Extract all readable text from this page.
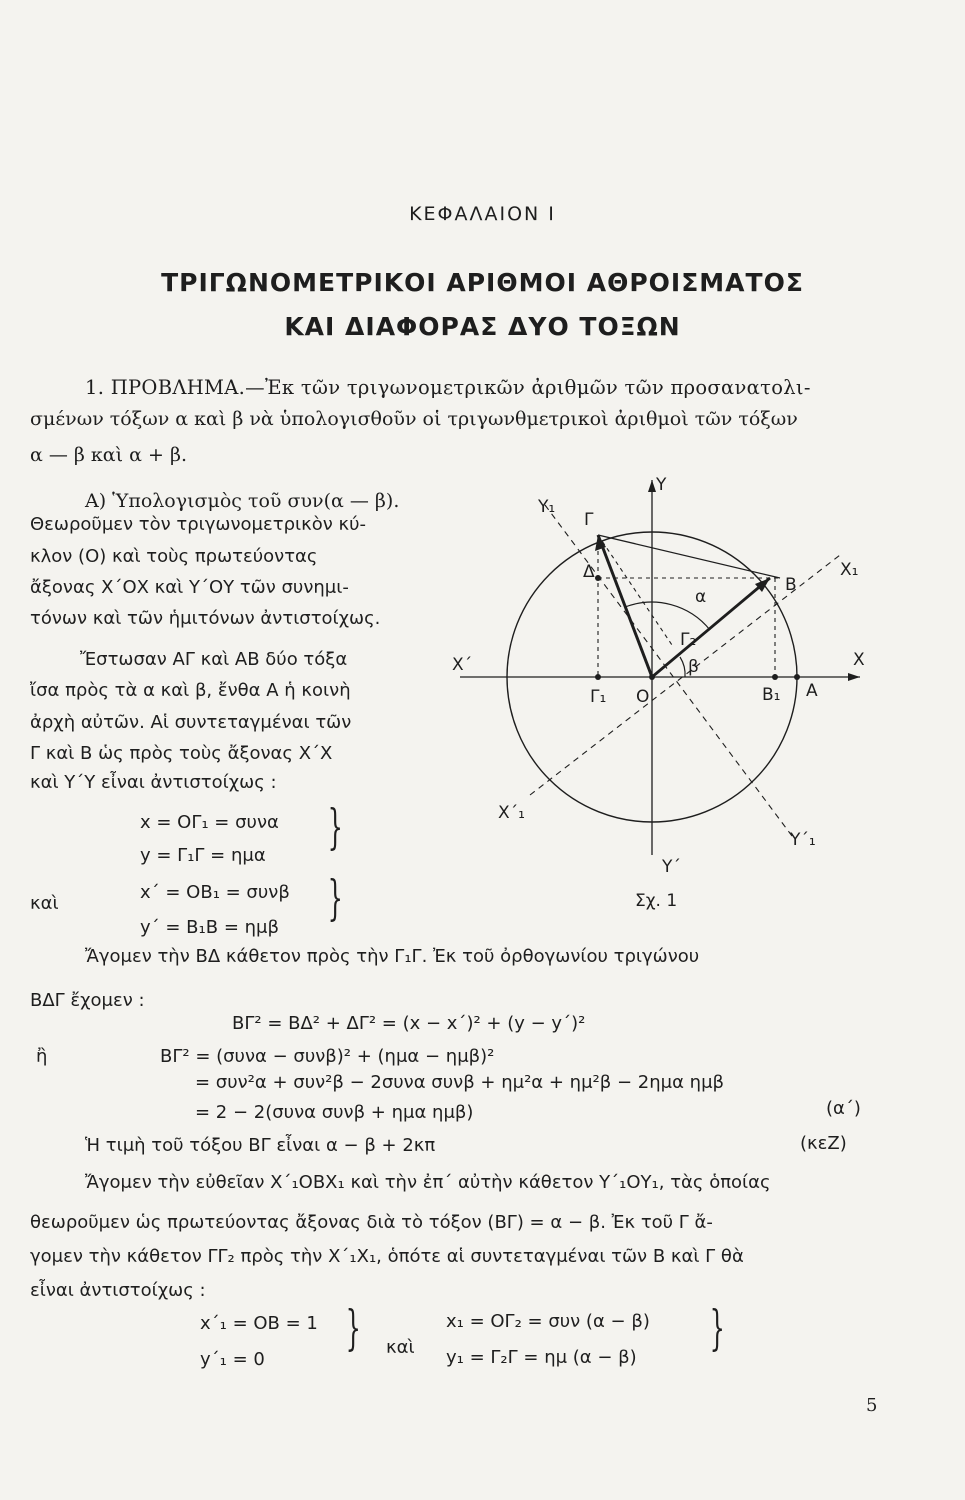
ΚΕΦΑΛΑΙΟΝ Ι
ΤΡΙΓΩΝΟΜΕΤΡΙΚΟΙ ΑΡΙΘΜΟΙ ΑΘΡΟΙΣΜΑΤΟΣ
ΚΑΙ ΔΙΑΦΟΡΑΣ ΔΥΟ ΤΟΞΩΝ
1. ΠΡΟΒΛΗΜΑ.—Ἐκ τῶν τριγωνομετρικῶν ἀριθμῶν τῶν προσανατολι-
σμένων τόξων α καὶ β νὰ ὑπολογισθοῦν οἱ τριγωνθμετρικοὶ ἀριθμοὶ τῶν τόξων
α — β καὶ α + β.
Α) Ὑπολογισμὸς τοῦ συν(α — β).
Θεωροῦμεν τὸν τριγωνομετρικὸν κύ-
κλον (Ο) καὶ τοὺς πρωτεύοντας
ἄξονας Χ΄ΟΧ καὶ Υ΄ΟΥ τῶν συνημι-
τόνων καὶ τῶν ἡμιτόνων ἀντιστοίχως.
Ἔστωσαν ΑΓ καὶ ΑΒ δύο τόξα
ἴσα πρὸς τὰ α καὶ β, ἔνθα Α ἡ κοινὴ
ἀρχὴ αὐτῶν. Αἱ συντεταγμέναι τῶν
Γ καὶ Β ὡς πρὸς τοὺς ἄξονας Χ΄Χ
καὶ Υ΄Υ εἶναι ἀντιστοίχως :
x = ΟΓ₁ = συνα
y = Γ₁Γ = ημα
}
καὶ
x΄ = ΟΒ₁ = συνβ
y΄ = Β₁Β = ημβ
}
Υ
Υ₁
Χ₁
Χ
Χ΄
Υ΄
Χ΄₁
Υ΄₁
Γ
Δ
Β
Β₁ Α
Ο
Γ₁
Γ₂
α
β
Σχ. 1
Ἄγομεν τὴν ΒΔ κάθετον πρὸς τὴν Γ₁Γ. Ἐκ τοῦ ὀρθογωνίου τριγώνου
ΒΔΓ ἔχομεν :
ΒΓ² = ΒΔ² + ΔΓ² = (x − x΄)² + (y − y΄)²
ἢ	ΒΓ² = (συνα − συνβ)² + (ημα − ημβ)²
= συν²α + συν²β − 2συνα συνβ + ημ²α + ημ²β − 2ημα ημβ
= 2 − 2(συνα συνβ + ημα ημβ)	(α΄)
Ἡ τιμὴ τοῦ τόξου ΒΓ εἶναι α − β + 2κπ	(κεΖ)
Ἄγομεν τὴν εὐθεῖαν Χ΄₁ΟΒΧ₁ καὶ τὴν ἐπ΄ αὐτὴν κάθετον Υ΄₁ΟΥ₁, τὰς ὁποίας
θεωροῦμεν ὡς πρωτεύοντας ἄξονας διὰ τὸ τόξον (ΒΓ) = α − β. Ἐκ τοῦ Γ ἄ-
γομεν τὴν κάθετον ΓΓ₂ πρὸς τὴν Χ΄₁Χ₁, ὁπότε αἱ συντεταγμέναι τῶν Β καὶ Γ θὰ
εἶναι ἀντιστοίχως :
x΄₁ = ΟΒ = 1
y΄₁ = 0
} καὶ
x₁ = ΟΓ₂ = συν (α − β)
y₁ = Γ₂Γ = ημ (α − β)
}
5
